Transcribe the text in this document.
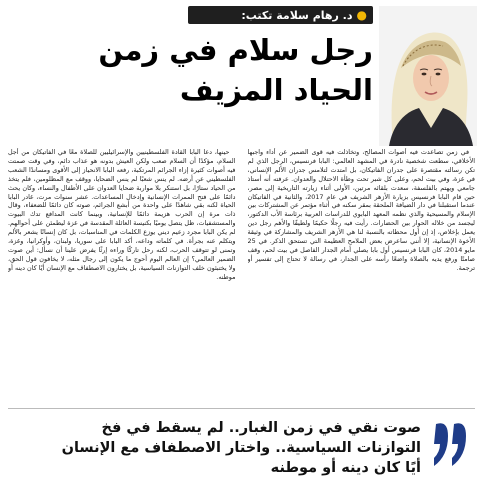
●
د. رهام سلامة تكتب:
رجل سلام في زمن
الحياد المزيف

في زمن تصاعدت فيه أصوات المصالح، وتخاذلت فيه قوى الضمير عن أداء واجبها الأخلاقي، سطعت شخصية نادرة في المشهد العالمي: البابا فرنسيس، الرجل الذي لم تكن رسالته مقتصرة على جدران الفاتيكان، بل امتدت لتلامس جدران الألم الإنساني، في غزة، وفي بيت لحم، وعلى كل شبر تحت وطأة الاحتلال والعدوان. عرفته أنه أستاذ جامعي ويهتم بالفلسفة، سعدت بلقائه مرتين، الأولى أثناء زيارته التاريخية إلى مصر، حين قام البابا فرنسيس بزيارة الأزهر الشريف في عام 2017، والثانية في الفاتيكان عندما استقبلنا في دار الضيافة الملحقة بمقر سكنه في أثناء مؤتمر عن المشتركات بين الإسلام والمسيحية والذي نظمه المعهد البابوي للدراسات العربية برئاسة الأب الدكتور، ليجسد من خلاله الحوار بين الحضارات. رأيت فيه رجلًا حكيمًا ولطيفًا والأهم رجل دين يعمل بإخلاص، إذ إن أول محطاته بالنسبة لنا هي الأزهر الشريف والمشاركة في وثيقة الأخوة الإنسانية، إلا أنني ساعرض بعض الملامح العظيمة التي تستحق الذكر. في 25 مايو 2014، كان البابا فرنسيس أول بابا يصلي أمام الجدار الفاصل في بيت لحم، وقف صامتًا ورفع يديه بالصلاة واضعًا رأسه على الجدار، في رسالة لا تحتاج إلى تفسير أو ترجمة.

حينها، دعا البابا القادة الفلسطينيين والإسرائيليين للصلاة معًا في الفاتيكان من أجل السلام، مؤكدًا أن السلام صعب ولكن العيش بدونه هو عذاب دائم، وفي وقت صمتت فيه أصوات كثيرة إزاء الجرائم المرتكبة، رفعه البابا الانحياز إلى الأقوى ومساندًا الشعب الفلسطيني عن أرضه. لم ينس شعبًا لم ينس الضحايا، ووقف مع المظلومين، فلم يتخذ من الحياد ستارًا، بل استنكر بلا مواربة ضحايا العدوان على الأطفال والنساء، وكان يحث دائمًا على فتح الممرات الإنسانية وإدخال المساعدات. عشر سنوات مرت، غادر البابا الحياة لكنه بقي شاهدًا على واحدة من أبشع الجرائم، صوته كان دائمًا للضعفاء، وقال ذات مرة إن الحرب هزيمة دائمًا للإنسانية، وبينما كانت المدافع تدك البيوت والمستشفيات، ظل يتصل يوميًا بكنيسة العائلة المقدسة في غزة ليطمئن على أحوالهم. لم يكن البابا مجرد زعيم ديني يوزع الكلمات في المناسبات، بل كان إنسانًا يشعر بالألم ويتكلم عنه بجرأة. في كلماته وداعه، أكد البابا على سوريا، ولبنان، وأوكرانيا، وغزة، وتمنى لو تتوقف الحرب، لكنه رحل تاركًا وراءه إرثًا يفرض علينا أن نسأل: أين صوت الضمير العالمي؟ إن العالم اليوم أحوج ما يكون إلى رجال مثله، لا يخافون قول الحق، ولا يختبئون خلف التوازنات السياسية، بل يختارون الاصطفاف مع الإنسان أيًا كان دينه أو موطنه.

صوت نقي في زمن الغبار.. لم يسقط في فخ
التوازنات السياسية.. واختار الاصطفاف مع الإنسان
أيًا كان دينه أو موطنه
